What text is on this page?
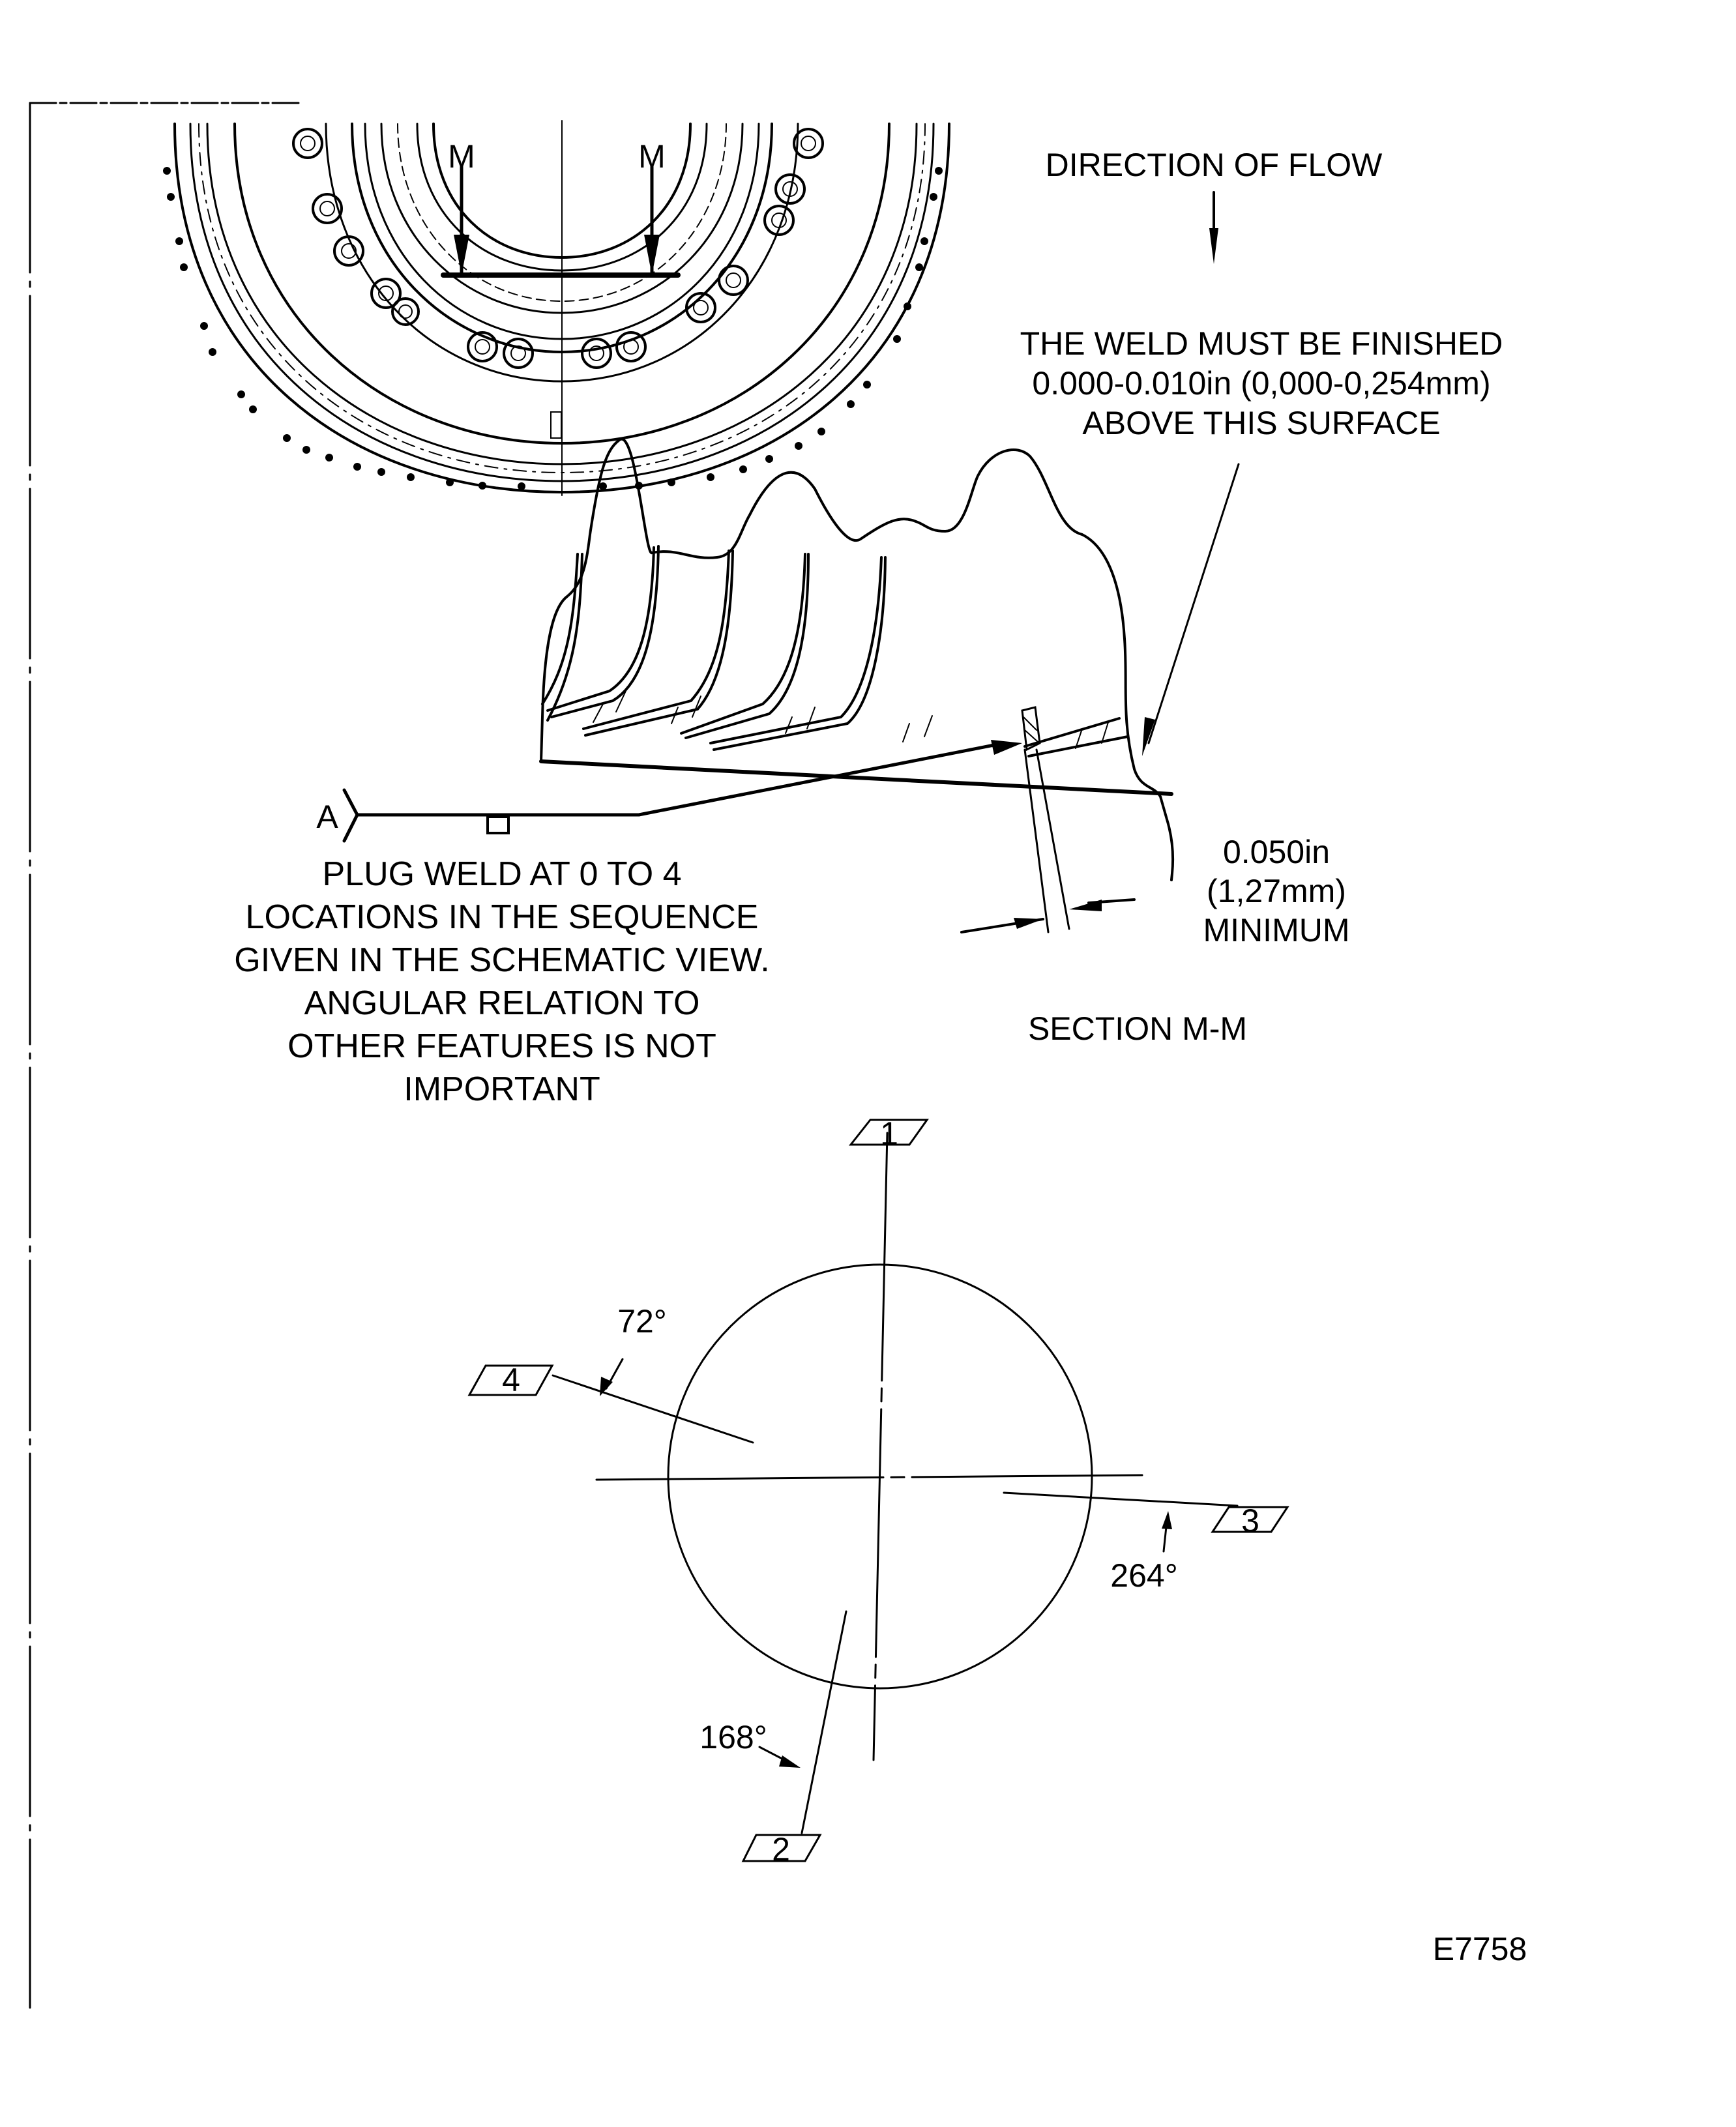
M	M	DIRECTION OF FLOW
THE WELD MUST BE FINISHED
0.000-0.010in (0,000-0,254mm)
ABOVE THIS SURFACE
A
PLUG WELD AT 0 TO 4
LOCATIONS IN THE SEQUENCE
GIVEN IN THE SCHEMATIC VIEW.
ANGULAR RELATION TO
OTHER FEATURES IS NOT
IMPORTANT
0.050in
(1,27mm)
MINIMUM
SECTION M-M
1
2
3
4
168°
264°
72°
E7758
